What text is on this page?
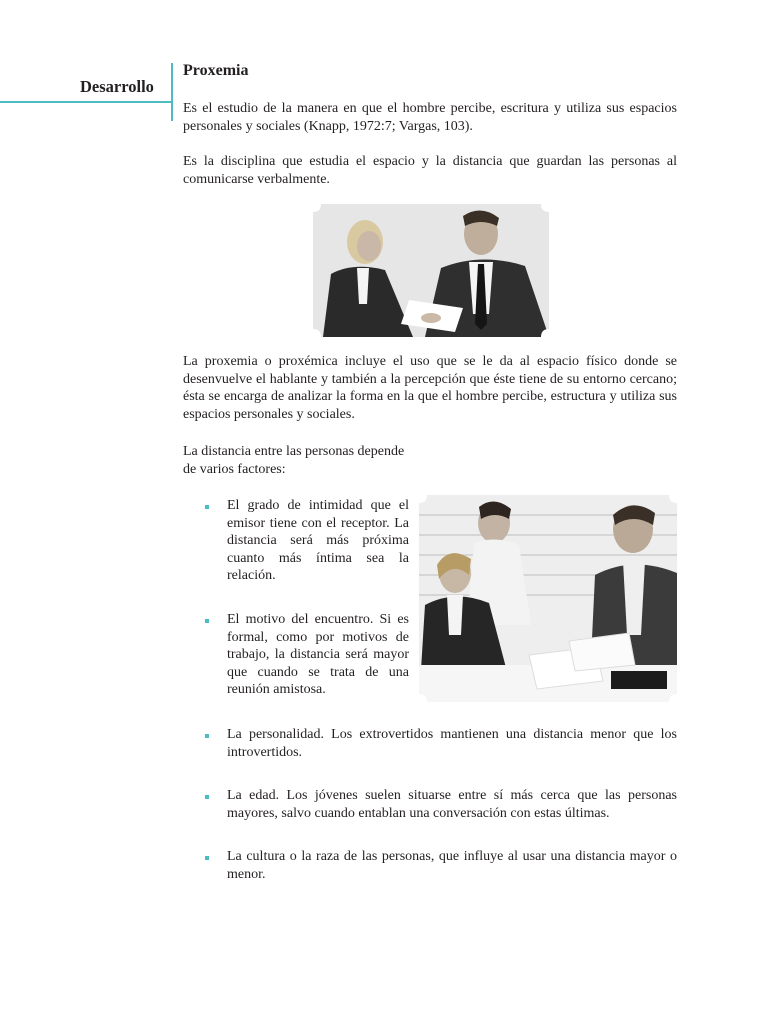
Desarrollo
Proxemia

Es el estudio de la manera en que el hombre percibe, escritura y utiliza sus espacios personales y sociales (Knapp, 1972:7; Vargas, 103).

Es la disciplina que estudia el espacio y la distancia que guardan las personas al comunicarse verbalmente.

La proxemia o proxémica incluye el uso que se le da al espacio físico donde se desenvuelve el hablante y también a la percepción que éste tiene de su entorno cercano; ésta se encarga de analizar la forma en la que el hombre percibe, estructura y utiliza sus espacios personales y sociales.

La distancia entre las personas depende de varios factores:

El grado de intimidad que el emisor tiene con el receptor. La distancia será más próxima cuanto más íntima sea la relación.

El motivo del encuentro. Si es formal, como por motivos de trabajo, la distancia será mayor que cuando se trata de una reunión amistosa.

La personalidad. Los extrovertidos mantienen una distancia menor que los introvertidos.

La edad. Los jóvenes suelen situarse entre sí más cerca que las personas mayores, salvo cuando entablan una conversación con estas últimas.

La cultura o la raza de las personas, que influye al usar una distancia mayor o menor.
